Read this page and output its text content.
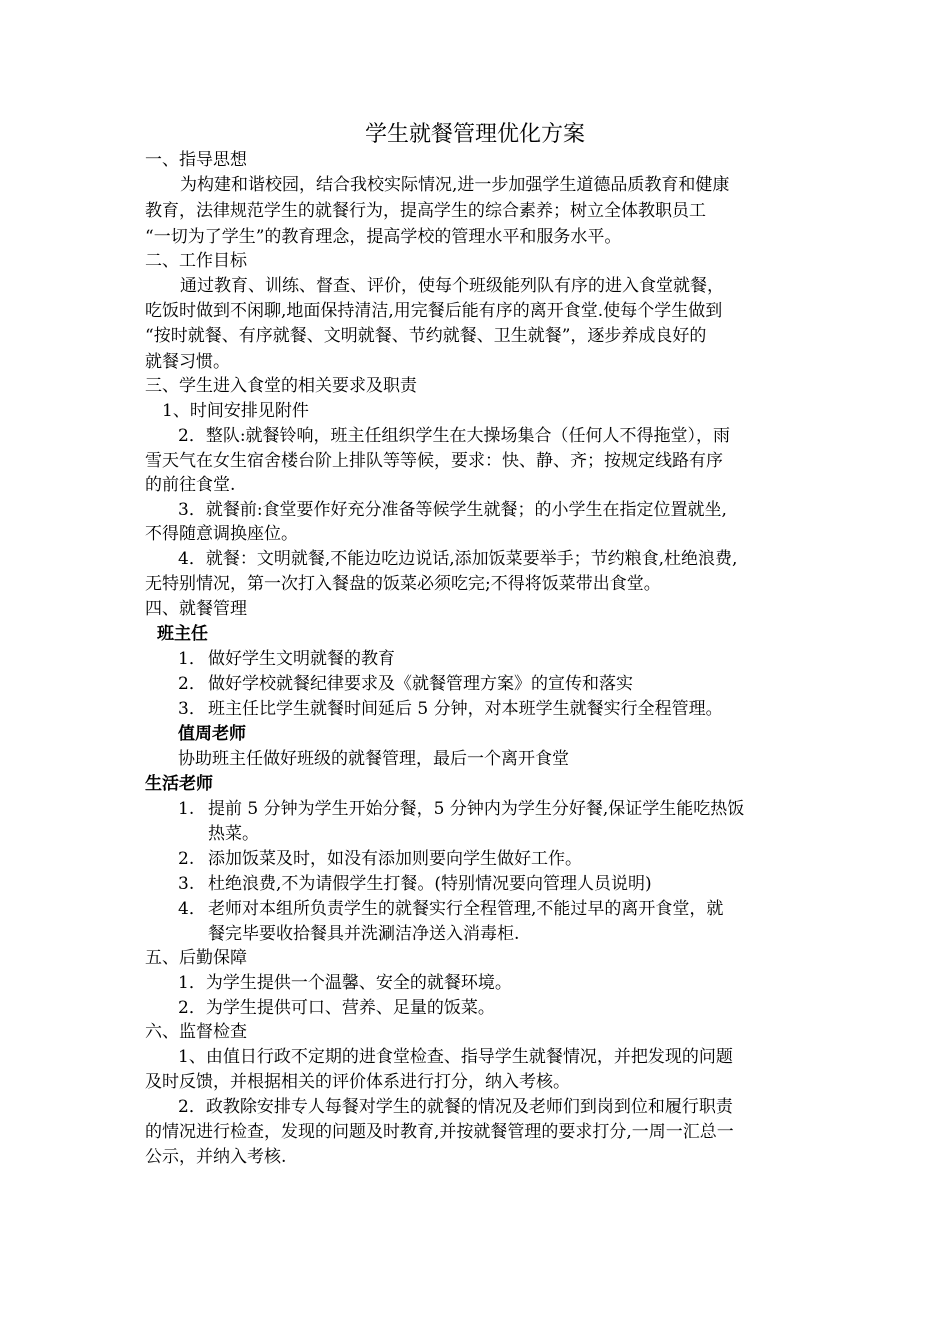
学生就餐管理优化方案
一、指导思想
为构建和谐校园，结合我校实际情况,进一步加强学生道德品质教育和健康
教育，法律规范学生的就餐行为，提高学生的综合素养；树立全体教职员工
“一切为了学生”的教育理念，提高学校的管理水平和服务水平。
二、工作目标
通过教育、训练、督查、评价，使每个班级能列队有序的进入食堂就餐，
吃饭时做到不闲聊,地面保持清洁,用完餐后能有序的离开食堂.使每个学生做到
“按时就餐、有序就餐、文明就餐、节约就餐、卫生就餐”，逐步养成良好的
就餐习惯。
三、学生进入食堂的相关要求及职责
1、时间安排见附件
2．整队:就餐铃响，班主任组织学生在大操场集合（任何人不得拖堂），雨
雪天气在女生宿舍楼台阶上排队等等候，要求：快、静、齐；按规定线路有序
的前往食堂.
3．就餐前:食堂要作好充分准备等候学生就餐；的小学生在指定位置就坐,
不得随意调换座位。
4．就餐：文明就餐,不能边吃边说话,添加饭菜要举手；节约粮食,杜绝浪费,
无特别情况，第一次打入餐盘的饭菜必须吃完;不得将饭菜带出食堂。
四、就餐管理
班主任
1． 做好学生文明就餐的教育
2． 做好学校就餐纪律要求及《就餐管理方案》的宣传和落实
3． 班主任比学生就餐时间延后 5 分钟，对本班学生就餐实行全程管理。
值周老师
协助班主任做好班级的就餐管理，最后一个离开食堂
生活老师
1. 提前 5 分钟为学生开始分餐，5 分钟内为学生分好餐,保证学生能吃热饭
热菜。
2. 添加饭菜及时，如没有添加则要向学生做好工作。
3. 杜绝浪费,不为请假学生打餐。(特别情况要向管理人员说明)
4． 老师对本组所负责学生的就餐实行全程管理,不能过早的离开食堂，就
餐完毕要收拾餐具并洗涮洁净送入消毒柜.
五、后勤保障
1．为学生提供一个温馨、安全的就餐环境。
2．为学生提供可口、营养、足量的饭菜。
六、监督检查
1、由值日行政不定期的进食堂检查、指导学生就餐情况，并把发现的问题
及时反馈，并根据相关的评价体系进行打分，纳入考核。
2．政教除安排专人每餐对学生的就餐的情况及老师们到岗到位和履行职责
的情况进行检查，发现的问题及时教育,并按就餐管理的要求打分,一周一汇总一
公示，并纳入考核.
